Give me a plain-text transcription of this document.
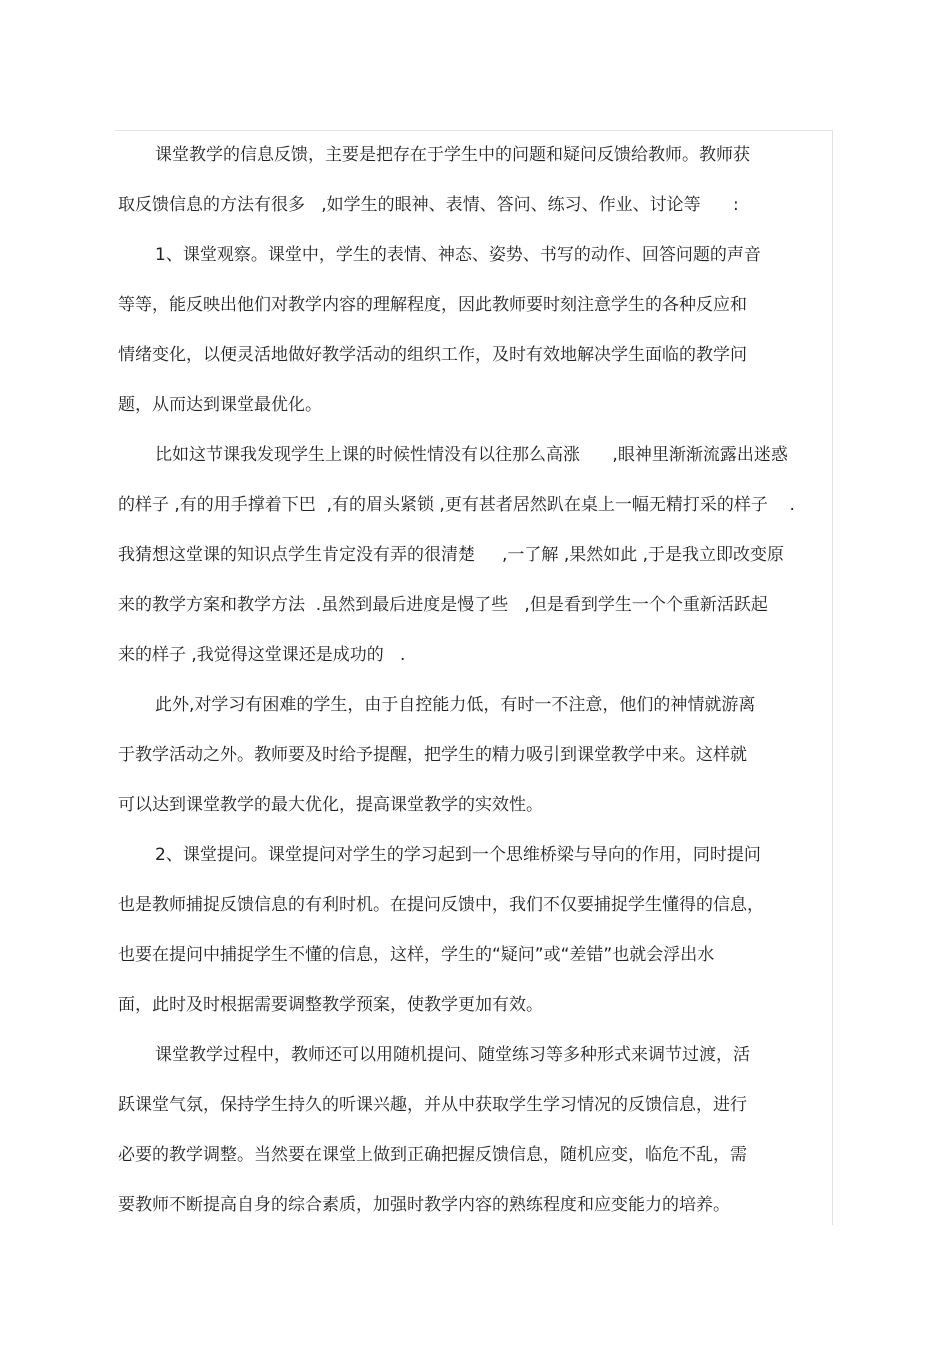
课堂教学的信息反馈，主要是把存在于学生中的问题和疑问反馈给教师。教师获

取反馈信息的方法有很多   ,如学生的眼神、表情、答问、练习、作业、讨论等      :

1、课堂观察。课堂中，学生的表情、神态、姿势、书写的动作、回答问题的声音

等等，能反映出他们对教学内容的理解程度，因此教师要时刻注意学生的各种反应和

情绪变化，以便灵活地做好教学活动的组织工作，及时有效地解决学生面临的教学问

题，从而达到课堂最优化。

比如这节课我发现学生上课的时候性情没有以往那么高涨      ,眼神里渐渐流露出迷惑

的样子 ,有的用手撑着下巴  ,有的眉头紧锁 ,更有甚者居然趴在桌上一幅无精打采的样子    .

我猜想这堂课的知识点学生肯定没有弄的很清楚     ,一了解 ,果然如此 ,于是我立即改变原

来的教学方案和教学方法  .虽然到最后进度是慢了些   ,但是看到学生一个个重新活跃起

来的样子 ,我觉得这堂课还是成功的   .

此外,对学习有困难的学生，由于自控能力低，有时一不注意，他们的神情就游离

于教学活动之外。教师要及时给予提醒，把学生的精力吸引到课堂教学中来。这样就

可以达到课堂教学的最大优化，提高课堂教学的实效性。

2、课堂提问。课堂提问对学生的学习起到一个思维桥梁与导向的作用，同时提问

也是教师捕捉反馈信息的有利时机。在提问反馈中，我们不仅要捕捉学生懂得的信息，

也要在提问中捕捉学生不懂的信息，这样，学生的“疑问”或“差错”也就会浮出水

面，此时及时根据需要调整教学预案，使教学更加有效。

课堂教学过程中，教师还可以用随机提问、随堂练习等多种形式来调节过渡，活

跃课堂气氛，保持学生持久的听课兴趣，并从中获取学生学习情况的反馈信息，进行

必要的教学调整。当然要在课堂上做到正确把握反馈信息，随机应变，临危不乱，需

要教师不断提高自身的综合素质，加强时教学内容的熟练程度和应变能力的培养。
